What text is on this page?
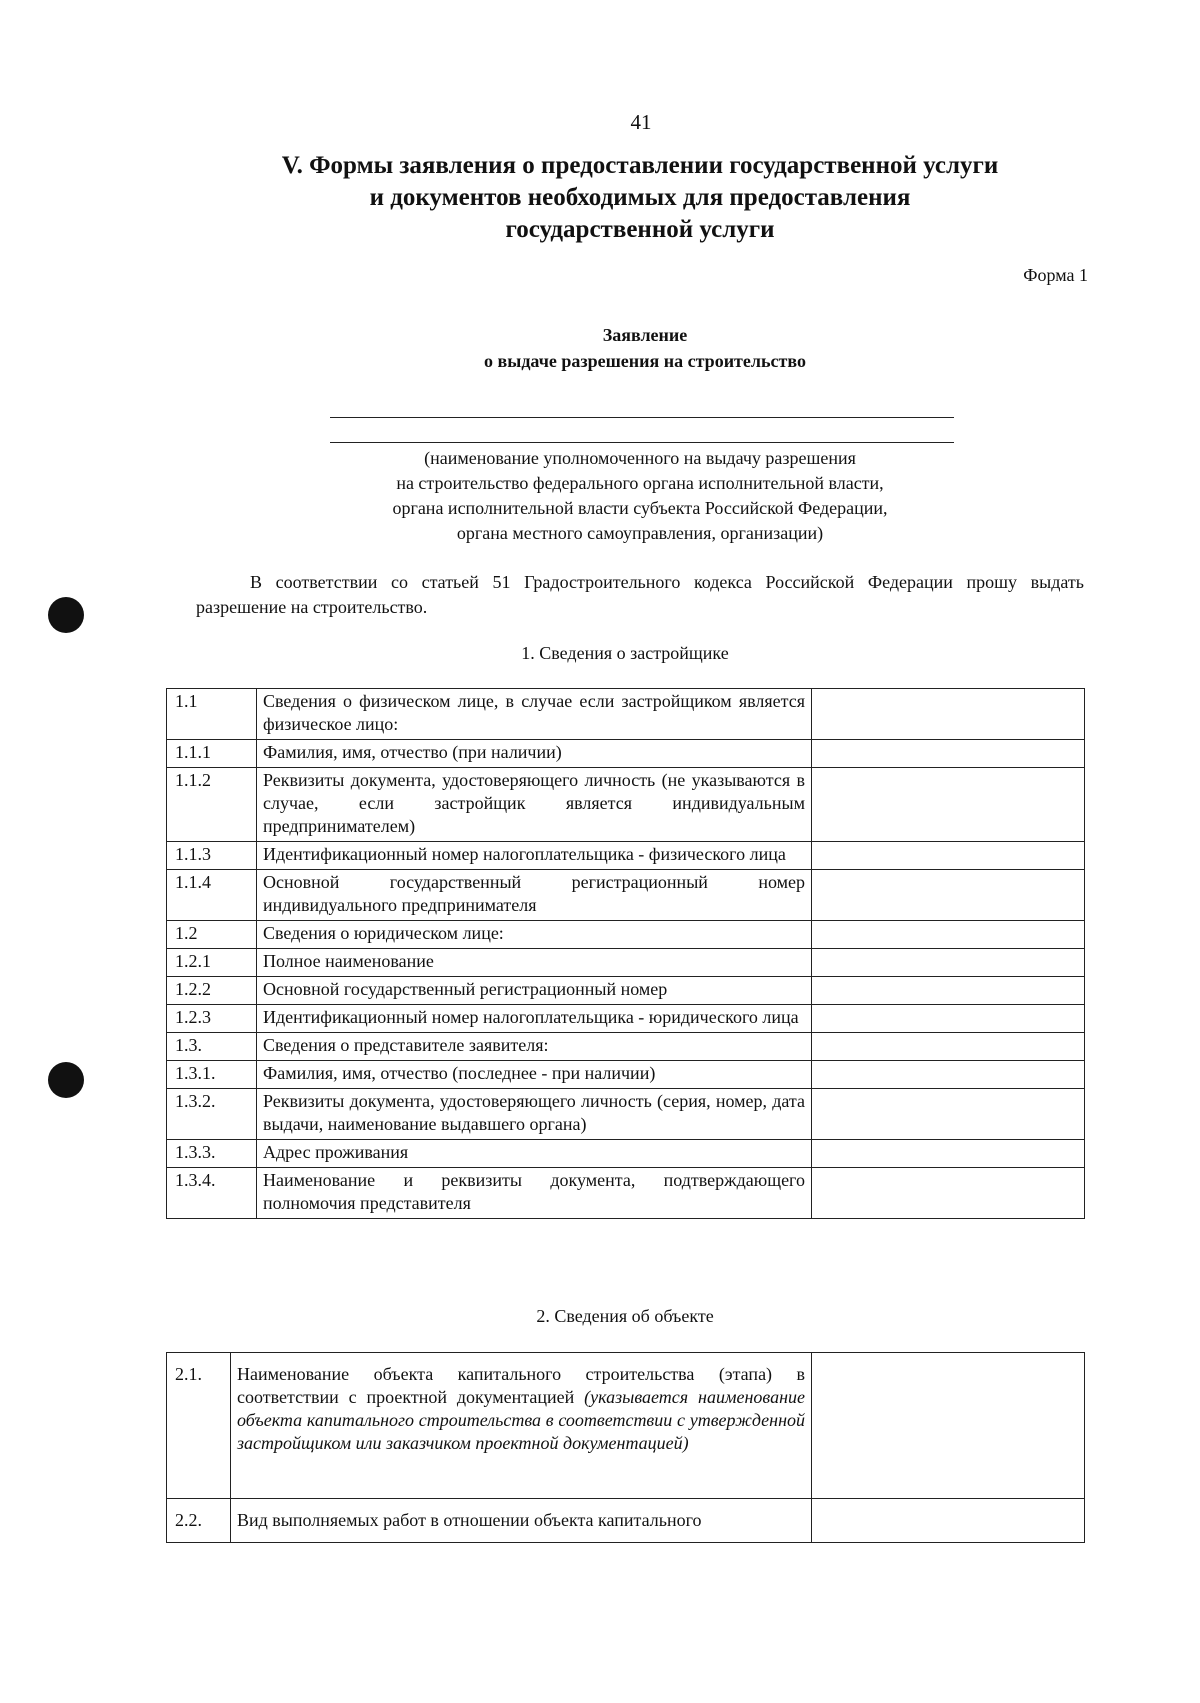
41
V. Формы заявления о предоставлении государственной услуги
и документов необходимых для предоставления
государственной услуги
Форма 1
Заявление
о выдаче разрешения на строительство
(наименование уполномоченного на выдачу разрешения
на строительство федерального органа исполнительной власти,
органа исполнительной власти субъекта Российской Федерации,
органа местного самоуправления, организации)
В соответствии со статьей 51 Градостроительного кодекса Российской Федерации прошу выдать разрешение на строительство.
1. Сведения о застройщике
1.1	Сведения о физическом лице, в случае если застройщиком является физическое лицо:	
1.1.1	Фамилия, имя, отчество (при наличии)	
1.1.2	Реквизиты документа, удостоверяющего личность (не указываются в случае, если застройщик является индивидуальным предпринимателем)	
1.1.3	Идентификационный номер налогоплательщика - физического лица	
1.1.4	Основной государственный регистрационный номер индивидуального предпринимателя	
1.2	Сведения о юридическом лице:	
1.2.1	Полное наименование	
1.2.2	Основной государственный регистрационный номер	
1.2.3	Идентификационный номер налогоплательщика - юридического лица	
1.3.	Сведения о представителе заявителя:	
1.3.1.	Фамилия, имя, отчество (последнее - при наличии)	
1.3.2.	Реквизиты документа, удостоверяющего личность (серия, номер, дата выдачи, наименование выдавшего органа)	
1.3.3.	Адрес проживания	
1.3.4.	Наименование и реквизиты документа, подтверждающего полномочия представителя	
2. Сведения об объекте
2.1.	Наименование объекта капитального строительства (этапа) в соответствии с проектной документацией (указывается наименование объекта капитального строительства в соответствии с утвержденной застройщиком или заказчиком проектной документацией)	
2.2.	Вид выполняемых работ в отношении объекта капитального	
